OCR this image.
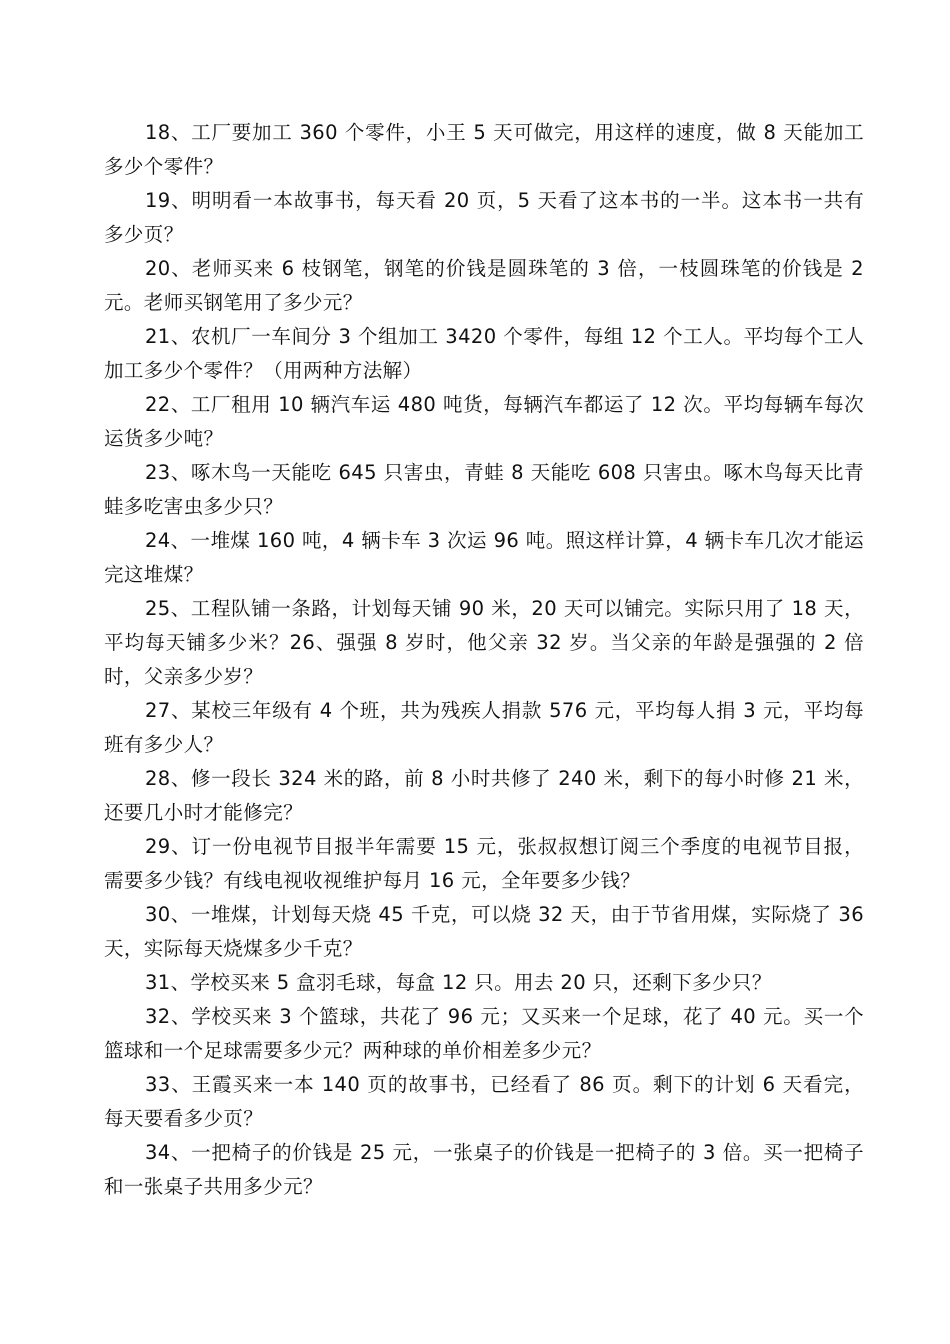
18、工厂要加工 360 个零件，小王 5 天可做完，用这样的速度，做 8 天能加工多少个零件？

19、明明看一本故事书，每天看 20 页，5 天看了这本书的一半。这本书一共有多少页？

20、老师买来 6 枝钢笔，钢笔的价钱是圆珠笔的 3 倍，一枝圆珠笔的价钱是 2 元。老师买钢笔用了多少元？

21、农机厂一车间分 3 个组加工 3420 个零件，每组 12 个工人。平均每个工人加工多少个零件？（用两种方法解）

22、工厂租用 10 辆汽车运 480 吨货，每辆汽车都运了 12 次。平均每辆车每次运货多少吨？

23、啄木鸟一天能吃 645 只害虫，青蛙 8 天能吃 608 只害虫。啄木鸟每天比青蛙多吃害虫多少只？

24、一堆煤 160 吨，4 辆卡车 3 次运 96 吨。照这样计算，4 辆卡车几次才能运完这堆煤？

25、工程队铺一条路，计划每天铺 90 米，20 天可以铺完。实际只用了 18 天，平均每天铺多少米？26、强强 8 岁时，他父亲 32 岁。当父亲的年龄是强强的 2 倍时，父亲多少岁？

27、某校三年级有 4 个班，共为残疾人捐款 576 元，平均每人捐 3 元，平均每班有多少人？

28、修一段长 324 米的路，前 8 小时共修了 240 米，剩下的每小时修 21 米，还要几小时才能修完？

29、订一份电视节目报半年需要 15 元，张叔叔想订阅三个季度的电视节目报，需要多少钱？有线电视收视维护每月 16 元，全年要多少钱？

30、一堆煤，计划每天烧 45 千克，可以烧 32 天，由于节省用煤，实际烧了 36 天，实际每天烧煤多少千克？

31、学校买来 5 盒羽毛球，每盒 12 只。用去 20 只，还剩下多少只？

32、学校买来 3 个篮球，共花了 96 元；又买来一个足球，花了 40 元。买一个篮球和一个足球需要多少元？两种球的单价相差多少元？

33、王霞买来一本 140 页的故事书，已经看了 86 页。剩下的计划 6 天看完，每天要看多少页？

34、一把椅子的价钱是 25 元，一张桌子的价钱是一把椅子的 3 倍。买一把椅子和一张桌子共用多少元？
